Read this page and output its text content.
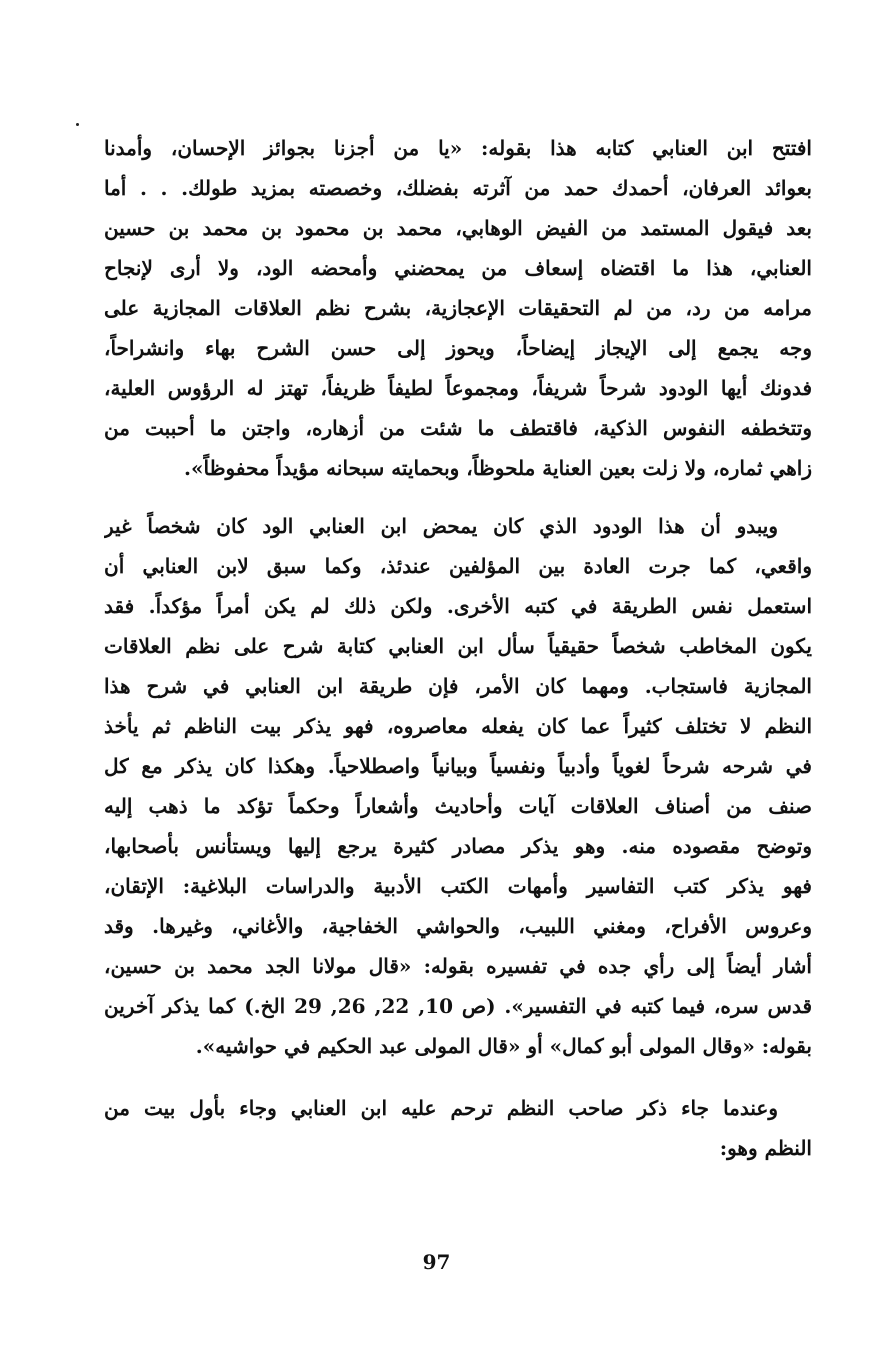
افتتح ابن العنابي كتابه هذا بقوله: «يا من أجزنا بجوائز الإحسان، وأمدنا
بعوائد العرفان، أحمدك حمد من آثرته بفضلك، وخصصته بمزيد طولك. . . أما
بعد فيقول المستمد من الفيض الوهابي، محمد بن محمود بن محمد بن حسين
العنابي، هذا ما اقتضاه إسعاف من يمحضني وأمحضه الود، ولا أرى لإنجاح
مرامه من رد، من لم التحقيقات الإعجازية، بشرح نظم العلاقات المجازية على
وجه يجمع إلى الإيجاز إيضاحاً، ويحوز إلى حسن الشرح بهاء وانشراحاً،
فدونك أيها الودود شرحاً شريفاً، ومجموعاً لطيفاً ظريفاً، تهتز له الرؤوس العلية،
وتتخطفه النفوس الذكية، فاقتطف ما شئت من أزهاره، واجتن ما أحببت من
زاهي ثماره، ولا زلت بعين العناية ملحوظاً، وبحمايته سبحانه مؤيداً محفوظاً».
ويبدو أن هذا الودود الذي كان يمحض ابن العنابي الود كان شخصاً غير
واقعي، كما جرت العادة بين المؤلفين عندئذ، وكما سبق لابن العنابي أن
استعمل نفس الطريقة في كتبه الأخرى. ولكن ذلك لم يكن أمراً مؤكداً. فقد
يكون المخاطب شخصاً حقيقياً سأل ابن العنابي كتابة شرح على نظم العلاقات
المجازية فاستجاب. ومهما كان الأمر، فإن طريقة ابن العنابي في شرح هذا
النظم لا تختلف كثيراً عما كان يفعله معاصروه، فهو يذكر بيت الناظم ثم يأخذ
في شرحه شرحاً لغوياً وأدبياً ونفسياً وبيانياً واصطلاحياً. وهكذا كان يذكر مع كل
صنف من أصناف العلاقات آيات وأحاديث وأشعاراً وحكماً تؤكد ما ذهب إليه
وتوضح مقصوده منه. وهو يذكر مصادر كثيرة يرجع إليها ويستأنس بأصحابها،
فهو يذكر كتب التفاسير وأمهات الكتب الأدبية والدراسات البلاغية: الإتقان،
وعروس الأفراح، ومغني اللبيب، والحواشي الخفاجية، والأغاني، وغيرها. وقد
أشار أيضاً إلى رأي جده في تفسيره بقوله: «قال مولانا الجد محمد بن حسين،
قدس سره، فيما كتبه في التفسير». (ص 10, 22, 26, 29 الخ.) كما يذكر آخرين
بقوله: «وقال المولى أبو كمال» أو «قال المولى عبد الحكيم في حواشيه».
وعندما جاء ذكر صاحب النظم ترحم عليه ابن العنابي وجاء بأول بيت من
النظم وهو:
97
